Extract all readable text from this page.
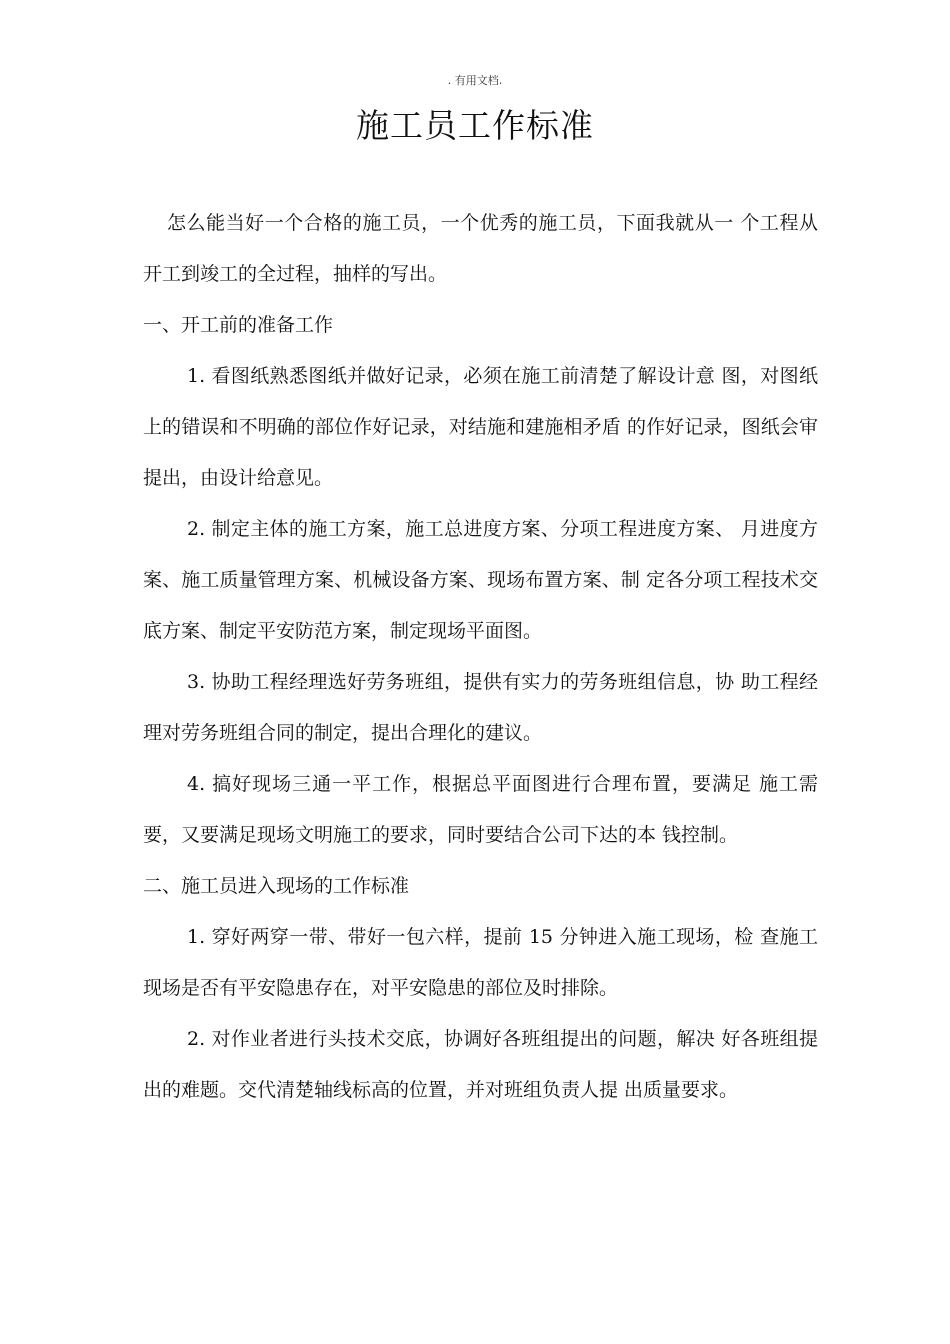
. 有用文档.
施工员工作标准

怎么能当好一个合格的施工员，一个优秀的施工员，下面我就从一 个工程从开工到竣工的全过程，抽样的写出。

一、开工前的准备工作

1. 看图纸熟悉图纸并做好记录，必须在施工前清楚了解设计意 图，对图纸上的错误和不明确的部位作好记录，对结施和建施相矛盾 的作好记录，图纸会审提出，由设计给意见。

2. 制定主体的施工方案，施工总进度方案、分项工程进度方案、 月进度方案、施工质量管理方案、机械设备方案、现场布置方案、制 定各分项工程技术交底方案、制定平安防范方案，制定现场平面图。

3. 协助工程经理选好劳务班组，提供有实力的劳务班组信息，协 助工程经理对劳务班组合同的制定，提出合理化的建议。

4. 搞好现场三通一平工作，根据总平面图进行合理布置，要满足 施工需要，又要满足现场文明施工的要求，同时要结合公司下达的本 钱控制。

二、施工员进入现场的工作标准

1. 穿好两穿一带、带好一包六样，提前 15 分钟进入施工现场，检 查施工现场是否有平安隐患存在，对平安隐患的部位及时排除。

2. 对作业者进行头技术交底，协调好各班组提出的问题，解决 好各班组提出的难题。交代清楚轴线标高的位置，并对班组负责人提 出质量要求。
